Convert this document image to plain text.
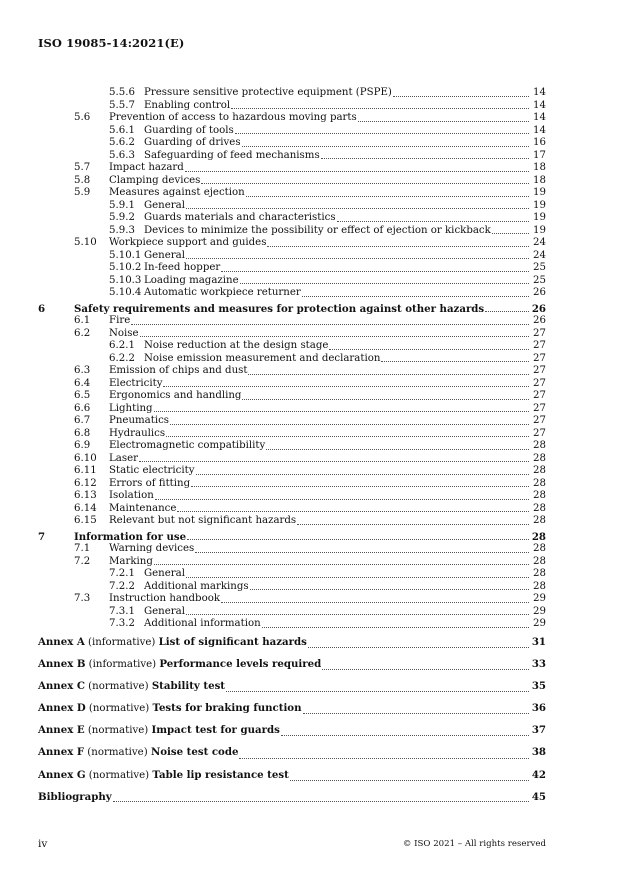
ISO 19085-14:2021(E)
5.5.6 Pressure sensitive protective equipment (PSPE)	14
5.5.7 Enabling control	14
5.6 Prevention of access to hazardous moving parts	14
5.6.1 Guarding of tools	14
5.6.2 Guarding of drives	16
5.6.3 Safeguarding of feed mechanisms	17
5.7 Impact hazard	18
5.8 Clamping devices	18
5.9 Measures against ejection	19
5.9.1 General	19
5.9.2 Guards materials and characteristics	19
5.9.3 Devices to minimize the possibility or effect of ejection or kickback	19
5.10 Workpiece support and guides	24
5.10.1 General	24
5.10.2 In-feed hopper	25
5.10.3 Loading magazine	25
5.10.4 Automatic workpiece returner	26
6	Safety requirements and measures for protection against other hazards	26
6.1 Fire	26
6.2 Noise	27
6.2.1 Noise reduction at the design stage	27
6.2.2 Noise emission measurement and declaration	27
6.3 Emission of chips and dust	27
6.4 Electricity	27
6.5 Ergonomics and handling	27
6.6 Lighting	27
6.7 Pneumatics	27
6.8 Hydraulics	27
6.9 Electromagnetic compatibility	28
6.10 Laser	28
6.11 Static electricity	28
6.12 Errors of fitting	28
6.13 Isolation	28
6.14 Maintenance	28
6.15 Relevant but not significant hazards	28
7	Information for use	28
7.1 Warning devices	28
7.2 Marking	28
7.2.1 General	28
7.2.2 Additional markings	28
7.3 Instruction handbook	29
7.3.1 General	29
7.3.2 Additional information	29
Annex A (informative) List of significant hazards	31
Annex B (informative) Performance levels required	33
Annex C (normative) Stability test	35
Annex D (normative) Tests for braking function	36
Annex E (normative) Impact test for guards	37
Annex F (normative) Noise test code	38
Annex G (normative) Table lip resistance test	42
Bibliography	45
iv	© ISO 2021 – All rights reserved
